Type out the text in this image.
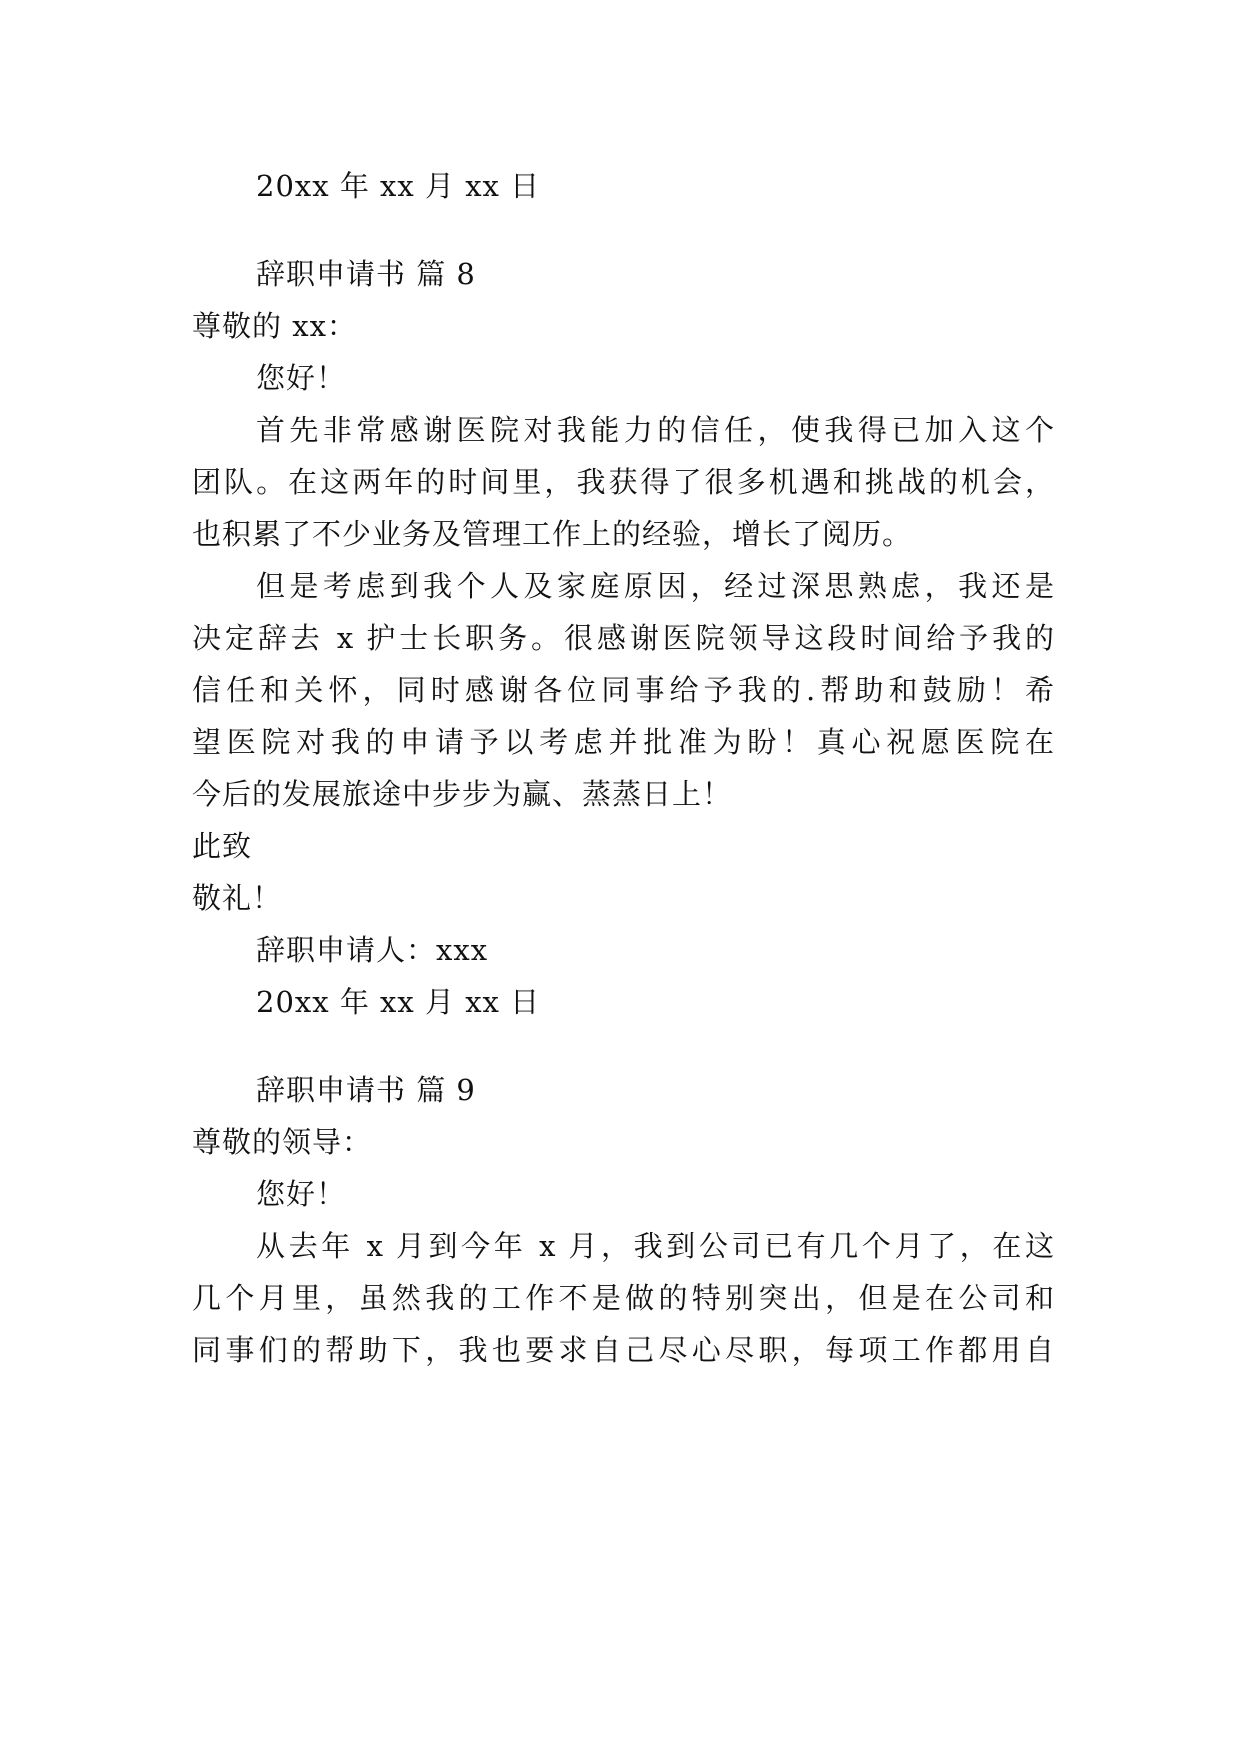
20xx 年 xx 月 xx 日
辞职申请书 篇 8
尊敬的 xx：
您好！
首先非常感谢医院对我能力的信任，使我得已加入这个
团队。在这两年的时间里，我获得了很多机遇和挑战的机会，
也积累了不少业务及管理工作上的经验，增长了阅历。
但是考虑到我个人及家庭原因，经过深思熟虑，我还是
决定辞去 x 护士长职务。很感谢医院领导这段时间给予我的
信任和关怀，同时感谢各位同事给予我的.帮助和鼓励！希
望医院对我的申请予以考虑并批准为盼！真心祝愿医院在
今后的发展旅途中步步为赢、蒸蒸日上！
此致
敬礼！
辞职申请人：xxx
20xx 年 xx 月 xx 日
辞职申请书 篇 9
尊敬的领导：
您好！
从去年 x 月到今年 x 月，我到公司已有几个月了，在这
几个月里，虽然我的工作不是做的特别突出，但是在公司和
同事们的帮助下，我也要求自己尽心尽职，每项工作都用自
